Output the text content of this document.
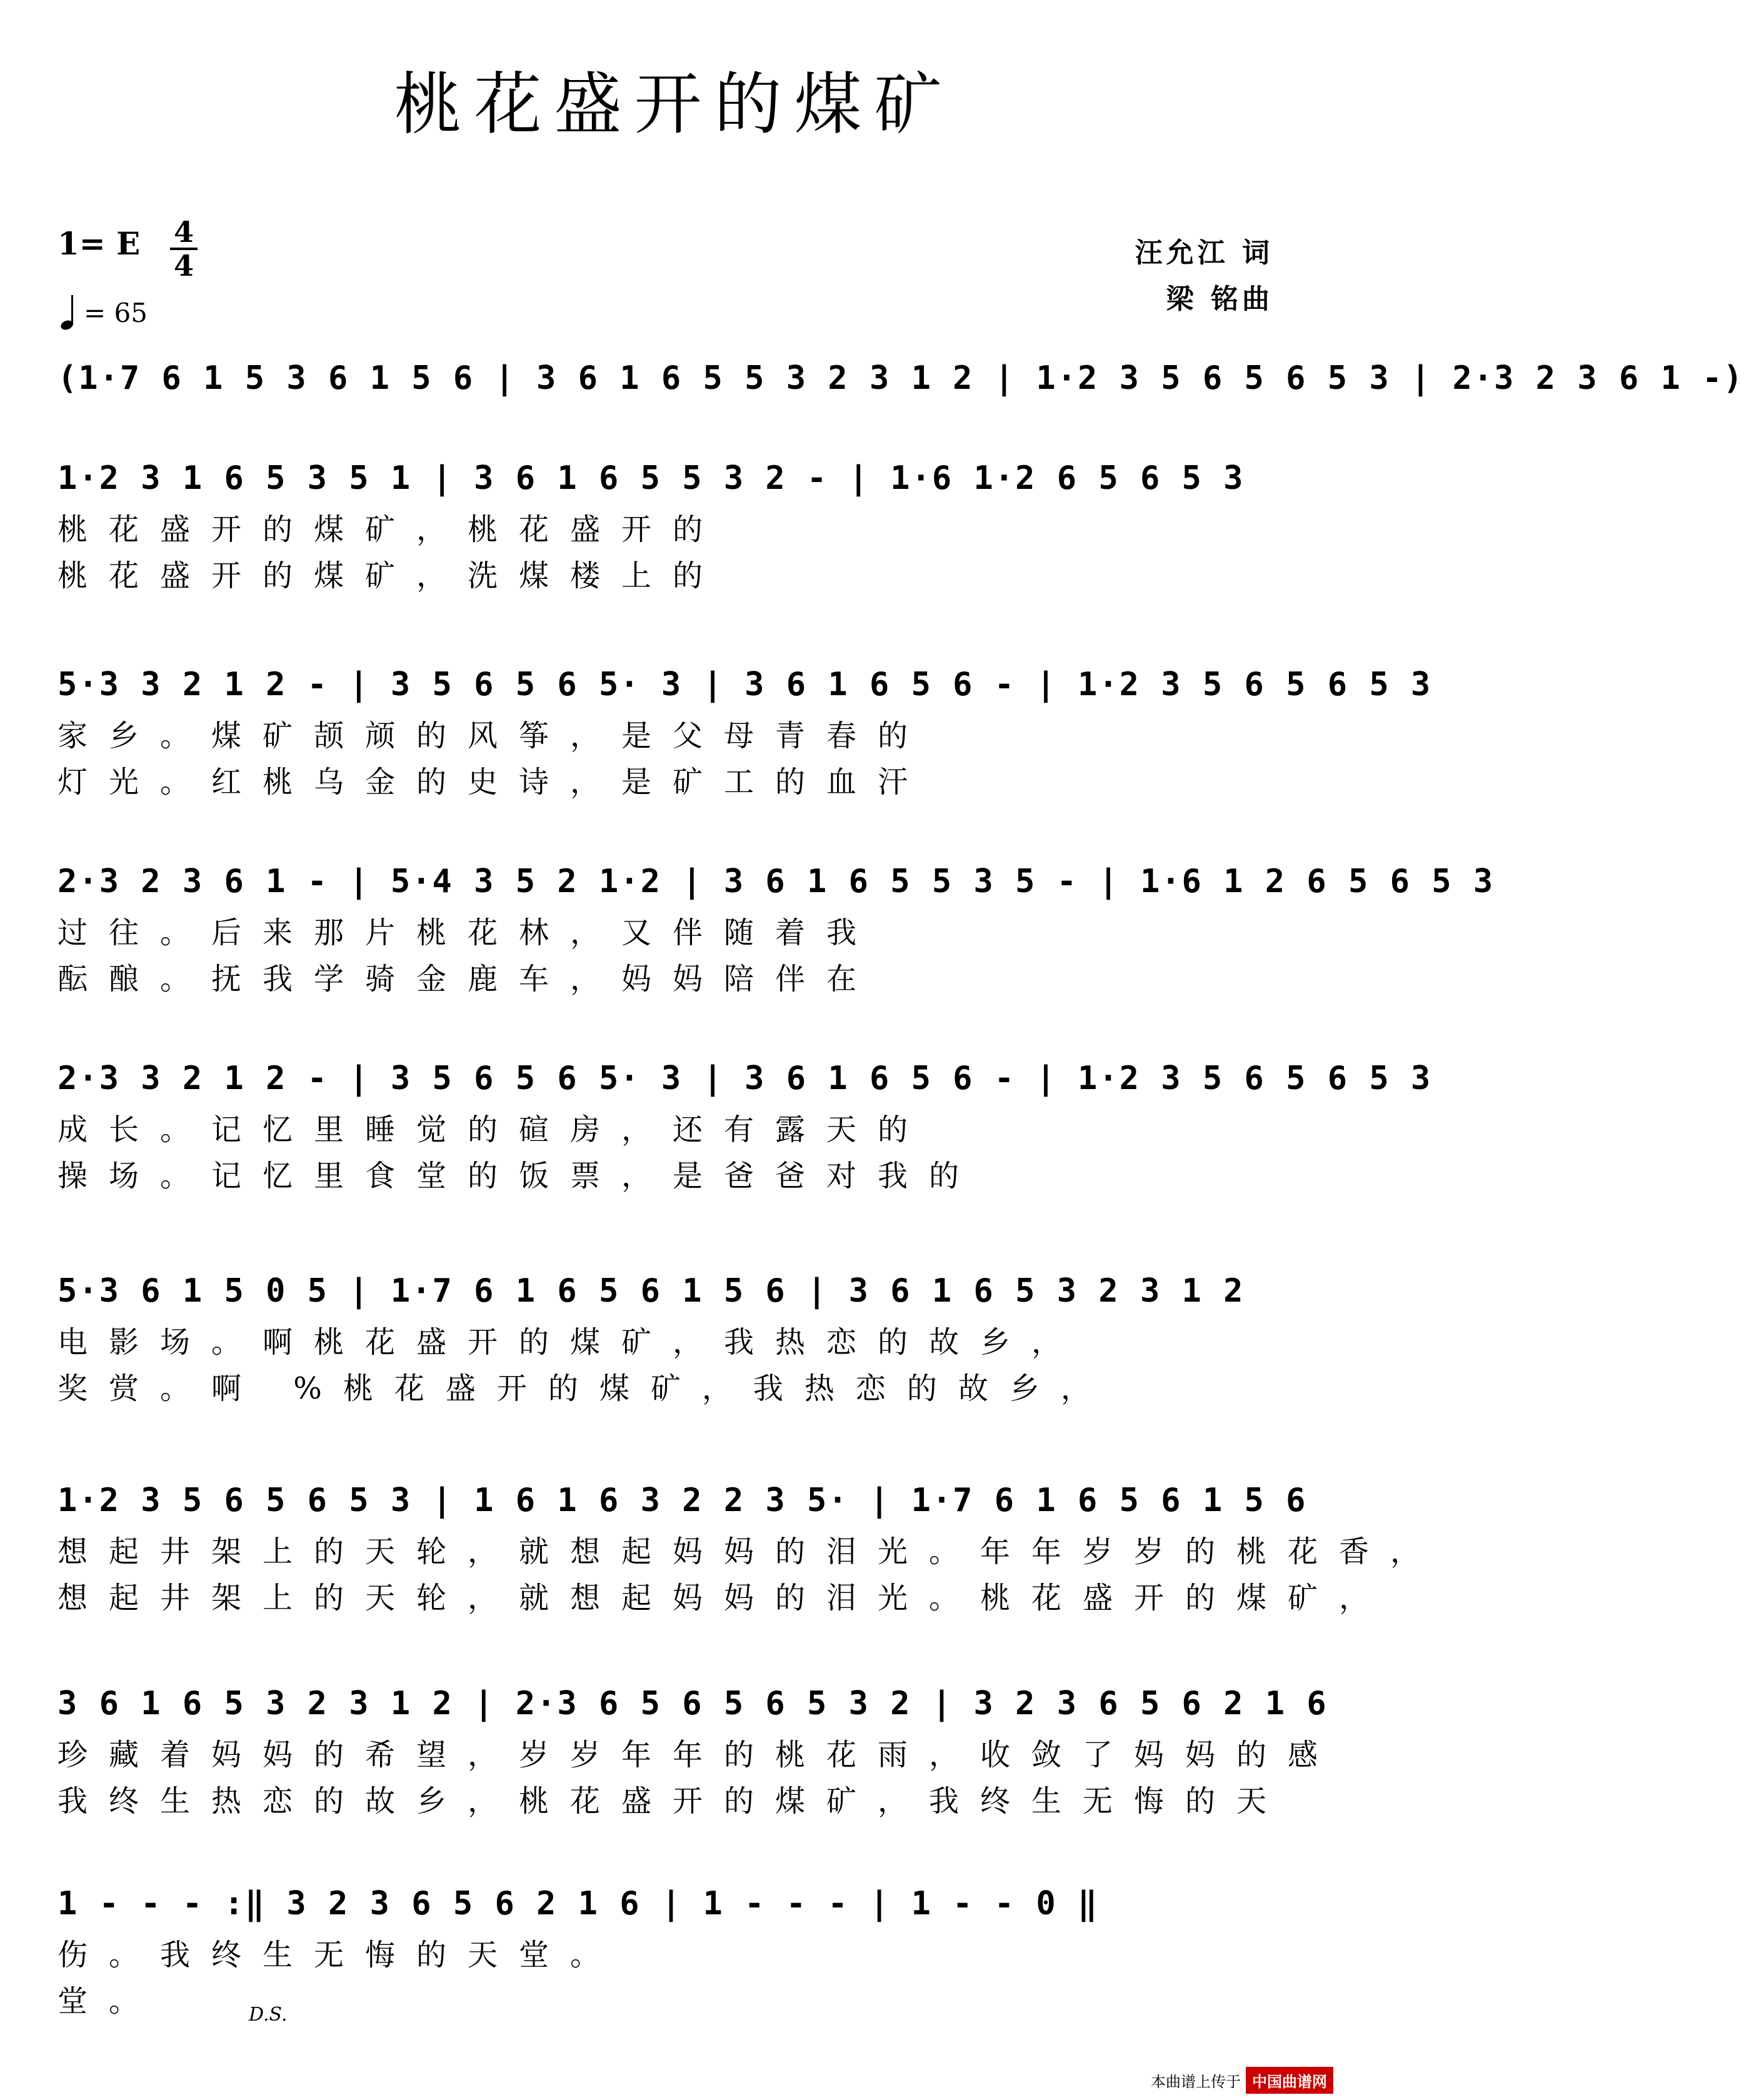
桃花盛开的煤矿
1= E 4
4
= 65
汪允江 词
梁 铭曲
(1·7 6 1 5 3 6 1 5 6 | 3 6 1 6 5 5 3 2 3 1 2 | 1·2 3 5 6 5 6 5 3 | 2·3 2 3 6 1 -)
1·2 3 1 6 5 3 5 1 | 3 6 1 6 5 5 3 2 - | 1·6 1·2 6 5 6 5 3
桃花盛开的煤矿，桃花盛开的
桃花盛开的煤矿，洗煤楼上的
5·3 3 2 1 2 - | 3 5 6 5 6 5· 3 | 3 6 1 6 5 6 - | 1·2 3 5 6 5 6 5 3
家乡。煤矿颉颃的风筝，是父母青春的
灯光。红桃乌金的史诗，是矿工的血汗
2·3 2 3 6 1 - | 5·4 3 5 2 1·2 | 3 6 1 6 5 5 3 5 - | 1·6 1 2 6 5 6 5 3
过往。后来那片桃花林，又伴随着我
酝酿。抚我学骑金鹿车，妈妈陪伴在
2·3 3 2 1 2 - | 3 5 6 5 6 5· 3 | 3 6 1 6 5 6 - | 1·2 3 5 6 5 6 5 3
成长。记忆里睡觉的碹房，还有露天的
操场。记忆里食堂的饭票，是爸爸对我的
5·3 6 1 5 0 5 | 1·7 6 1 6 5 6 1 5 6 | 3 6 1 6 5 3 2 3 1 2
电影场。啊桃花盛开的煤矿，我热恋的故乡，
奖赏。啊 %桃花盛开的煤矿，我热恋的故乡，
1·2 3 5 6 5 6 5 3 | 1 6 1 6 3 2 2 3 5· | 1·7 6 1 6 5 6 1 5 6
想起井架上的天轮，就想起妈妈的泪光。年年岁岁的桃花香，
想起井架上的天轮，就想起妈妈的泪光。桃花盛开的煤矿，
3 6 1 6 5 3 2 3 1 2 | 2·3 6 5 6 5 6 5 3 2 | 3 2 3 6 5 6 2 1 6
珍藏着妈妈的希望，岁岁年年的桃花雨，收敛了妈妈的感
我终生热恋的故乡，桃花盛开的煤矿，我终生无悔的天
1 - - - :‖ 3 2 3 6 5 6 2 1 6 | 1 - - - | 1 - - 0 ‖
伤。我终生无悔的天堂。
堂。	D.S.
本曲谱上传于 中国曲谱网
